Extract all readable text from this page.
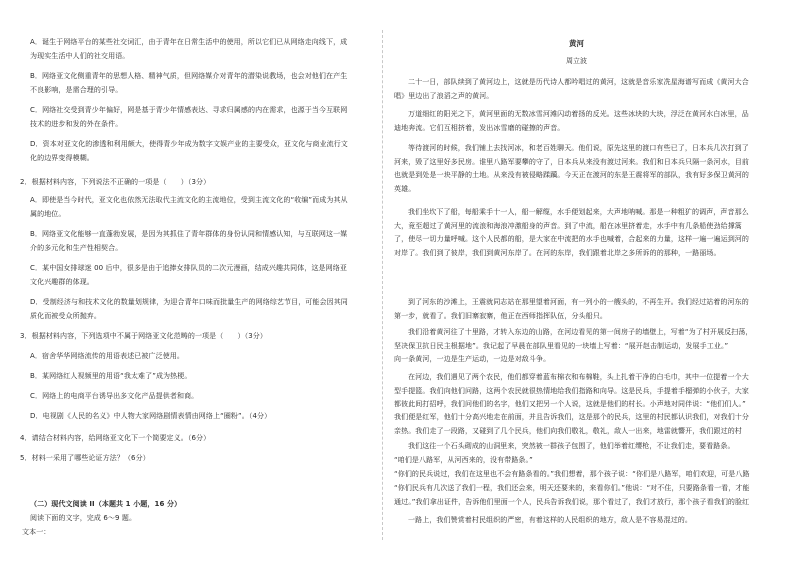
A．诞生于网络平台的某些社交词汇，由于青年在日常生活中的使用，所以它们已从网络走向线下，成为现实生活中人们的社交用语。
B．网络亚文化侧重青年的思想人格、精神气质，但网络媒介对青年的潜染说教场，也会对他们在产生不良影响，是需合理的引导。
C．网络社交受到青少年偏好，网是基于青少年情感表达、寻求归属感的内在需求，也源于当今互联网技术的进步和发的外在条件。
D．资本对亚文化的渗透和利用颇大，使得青少年成为数字文娱产业的主要受众，亚文化与商业流行文化的边界变得模糊。
2．根据材料内容，下列说法不正确的一项是（　　）（3分）
A．即使是当今时代，亚文化也依然无法取代主流文化的主流地位，受到主流文化的“收编”而成为其从属的地位。
B．网络亚文化能够一直蓬勃发展，是因为其抓住了青年群体的身份认同和情感认知，与互联网这一媒介的多元化和生产性相契合。
C．某中国女排球迷 00 后中，很多是由于追捧女排队员的二次元漫画，结成兴趣共同体，这是网络亚文化兴趣群的体现。
D．受制经济与和技术文化的数量划规律，为迎合青年口味而批量生产的网络综艺节目，可能会因其同质化而被受众所抛弃。
3．根据材料内容，下列选项中不属于网络亚文化范畴的一项是（　　）（3分）
A．宿舍华华网络流传的用语表述已被广泛使用。
B．某网络红人视频里的用语“我太难了”成为热梗。
C．网络上的电商平台诱导出多文化产品提供者和商。
D．电视剧《人民的名义》中人物大家网络剧情表情由网络上“圈粉”。（4分）
4．请结合材料内容，给网络亚文化下一个简要定义。（6分）
5．材料一采用了哪些论证方法？（6分）
（二）现代文阅读 II（本题共 1 小题，16 分）
阅读下面的文字，完成 6～9 题。
文本一：
黄河
周立波
二十一日，部队续到了黄河边上，这就是历代诗人都吟唱过的黄河，这就是音乐家冼星海谱写而成《黄河大合唱》里边出了浪滔之声的黄河。
万道细红的阳光之下，黄河里面的无数冰雪河滩闪动着扬的反光。这些冰块的大块，浮泛在黄河水白冰里，品迪地奔流。它们互相挤着，发出冰雪磨的碰擦的声音。
等待渡河的时候，我们铺上去找河冰，和老百姓聊天。他们说，原先这里的渡口有些已了，日本兵几次打到了河来，毁了这里好多民房。谁里八路军要攀的守了，日本兵从来没有渡过河来。我们和日本兵只隔一条河水，目前也就是到处是一块平静的土地。从来没有被侵略蹂躏。今天正在渡河的东是王震将军的部队，我有好多保卫黄河的英雄。
我们坐坎下了船，每船乘手十一人，船一解缆，水手便划起来，大声地呐喊。那是一种粗犷的调声，声音那么大，竟至超过了黄河里的流浪和海浪冲激船身的声音。到了中流，船在冰里挤着走，水手中有几条船使劲给撑篙了，使尽一切力量呼喊。这个人民都的船，是大家在中流把的水手也喊着，合起来的力量，这样一遍一遍运到河的对岸了。我们到了彼岸，我们到黄河东岸了。在河的东岸，我们跟着北岸之多所诉的的那种，一路丽场。
到了河东的沙滩上，王震就同志站在那里望着河面，有一列小的一艘头的，不再生开。我们经过站着的河东的第一步，就看了。我们旧寨寂寨，他正在西师指挥队伍，分头船只。
我们沿着黄河往了十里路，才转入东边的山路，在河边看见的第一间房子的墙壁上，写着“为了村开展反扫荡，坚决保卫抗日民主根据地”。我记起了早晨在部队里看见的一块墙上写着：“展开赵击制运动，发展手工业。”
向一条黄河，一边是生产运动，一边是对敌斗争。
在河边，我们遇见了两个农民，他们都穿着蓝布棉衣和布棉鞋，头上扎着干净的白毛巾，其中一位提着一个大型手提篮。我们向他们问路，这两个农民就很热情地给我们指路和向导。这是民兵，手提着手榴弹的小伙子，大家都彼此间打招呼，我们问他们的名字，他们又把另一个人说，这就是他们的村长。小声地对同伴说：“他们们人。”
我们便是红军，他们十分高兴地走在前面，并且告诉我们，这是那个的民兵，这里的村民都认识我们，对我们十分亲热。我们走了一段路，又碰到了几个民兵，他们向我们敬礼，敬礼，敌人一出来，地雷就響开，我们跟过的村
我们这往一个石头砌成的山洞里来，突然被一群孩子包围了，他们举着红缨枪，不让我们走，要看路条。
“咱们是八路军，从河西来的，没有带路条。”
“你们的民兵说过，我们在这里也不会有路条看的。”我们想着，那个孩子说：“你们是八路军，咱们欢迎，可是八路
“你们民兵有几次送了我们一程，我们还会来，明天还要来的，来看你们。”他说：“对不住，只要路条看一看，才能通过。”我们拿出证件，告诉他们里面一个人，民兵告诉我们说，那个看过了，我们才放行，那个孩子看我们的脸红
一路上，我们赞赏着村民组织的严密，有着这样的人民组织的地方，敌人是不容易混过的。
